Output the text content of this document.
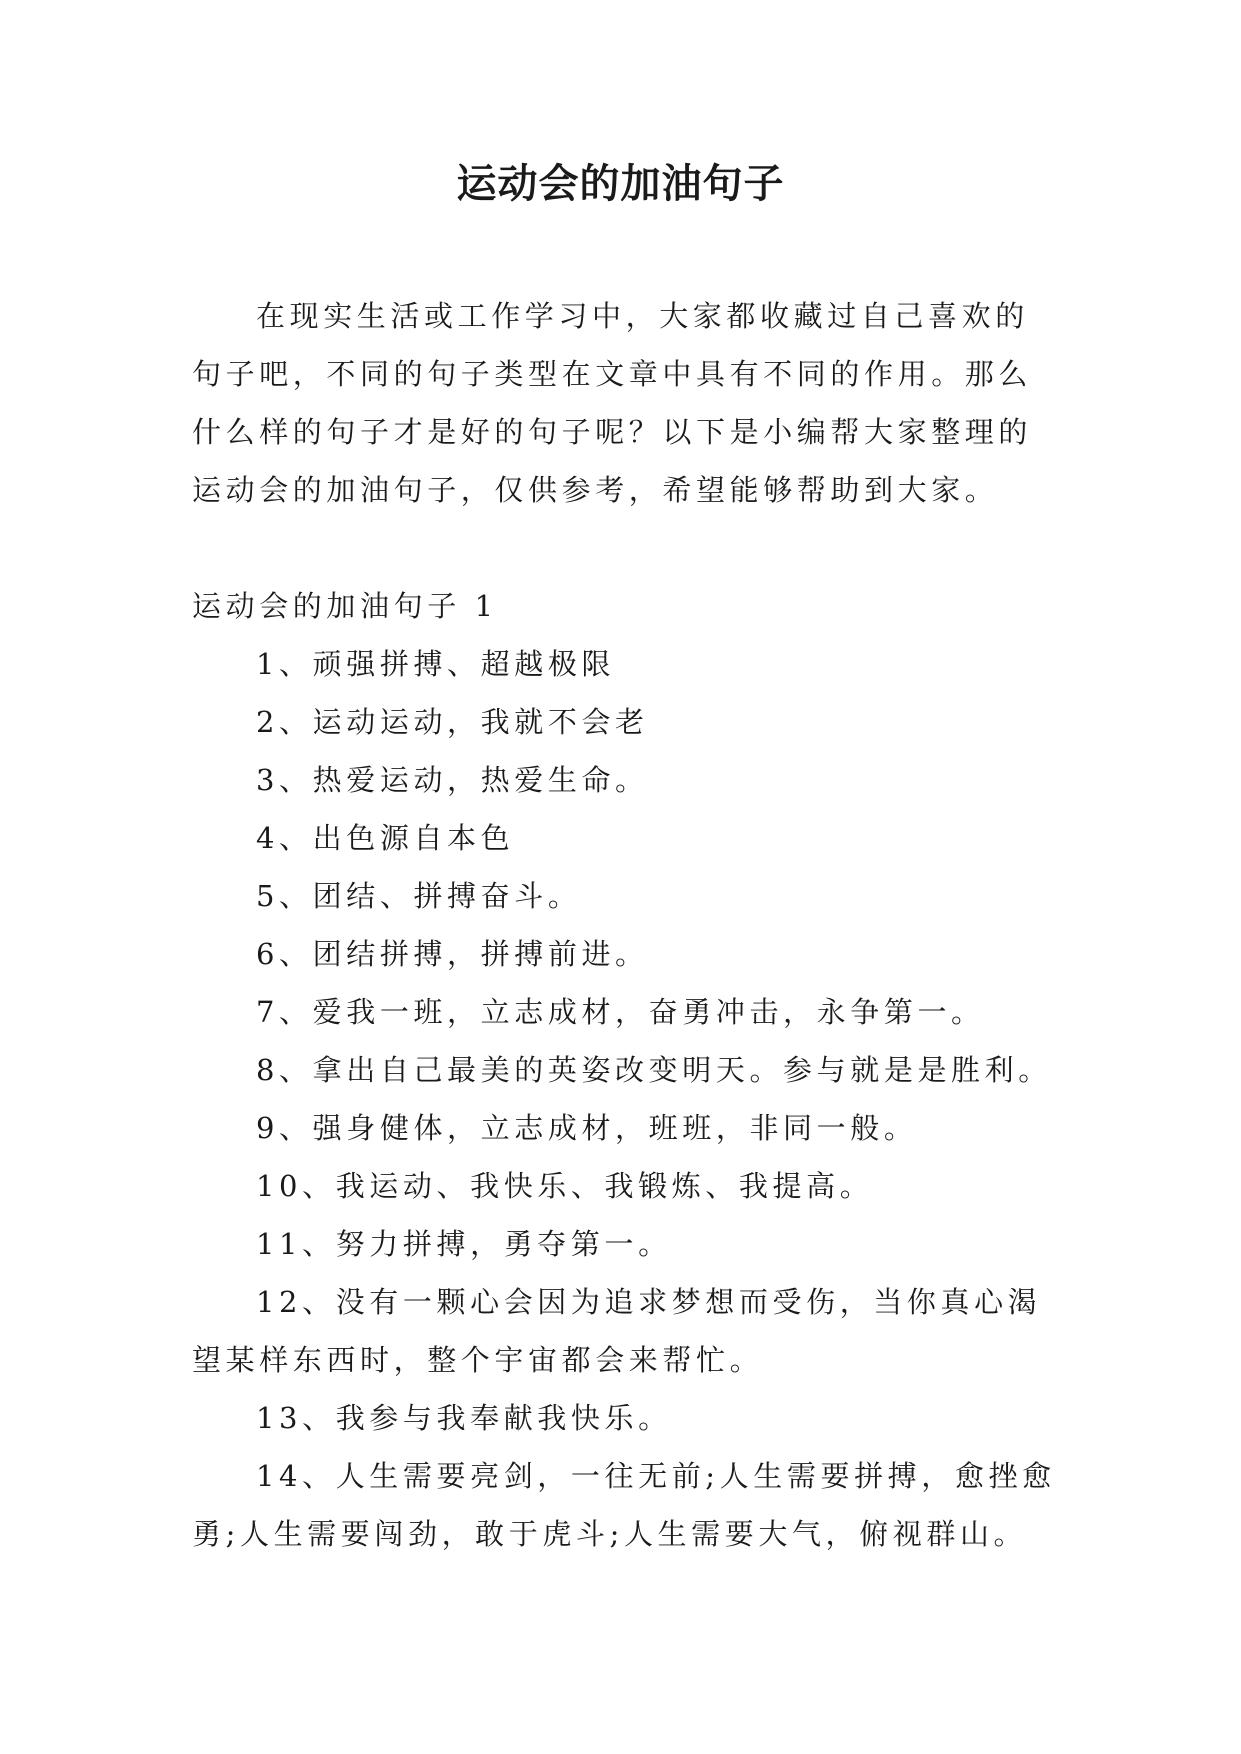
运动会的加油句子

在现实生活或工作学习中，大家都收藏过自己喜欢的句子吧，不同的句子类型在文章中具有不同的作用。那么什么样的句子才是好的句子呢？以下是小编帮大家整理的运动会的加油句子，仅供参考，希望能够帮助到大家。

运动会的加油句子 1
1、顽强拼搏、超越极限
2、运动运动，我就不会老
3、热爱运动，热爱生命。
4、出色源自本色
5、团结、拼搏奋斗。
6、团结拼搏，拼搏前进。
7、爱我一班，立志成材，奋勇冲击，永争第一。
8、拿出自己最美的英姿改变明天。参与就是是胜利。
9、强身健体，立志成材，班班，非同一般。
10、我运动、我快乐、我锻炼、我提高。
11、努力拼搏，勇夺第一。
12、没有一颗心会因为追求梦想而受伤，当你真心渴望某样东西时，整个宇宙都会来帮忙。
13、我参与我奉献我快乐。
14、人生需要亮剑，一往无前;人生需要拼搏，愈挫愈勇;人生需要闯劲，敢于虎斗;人生需要大气，俯视群山。
